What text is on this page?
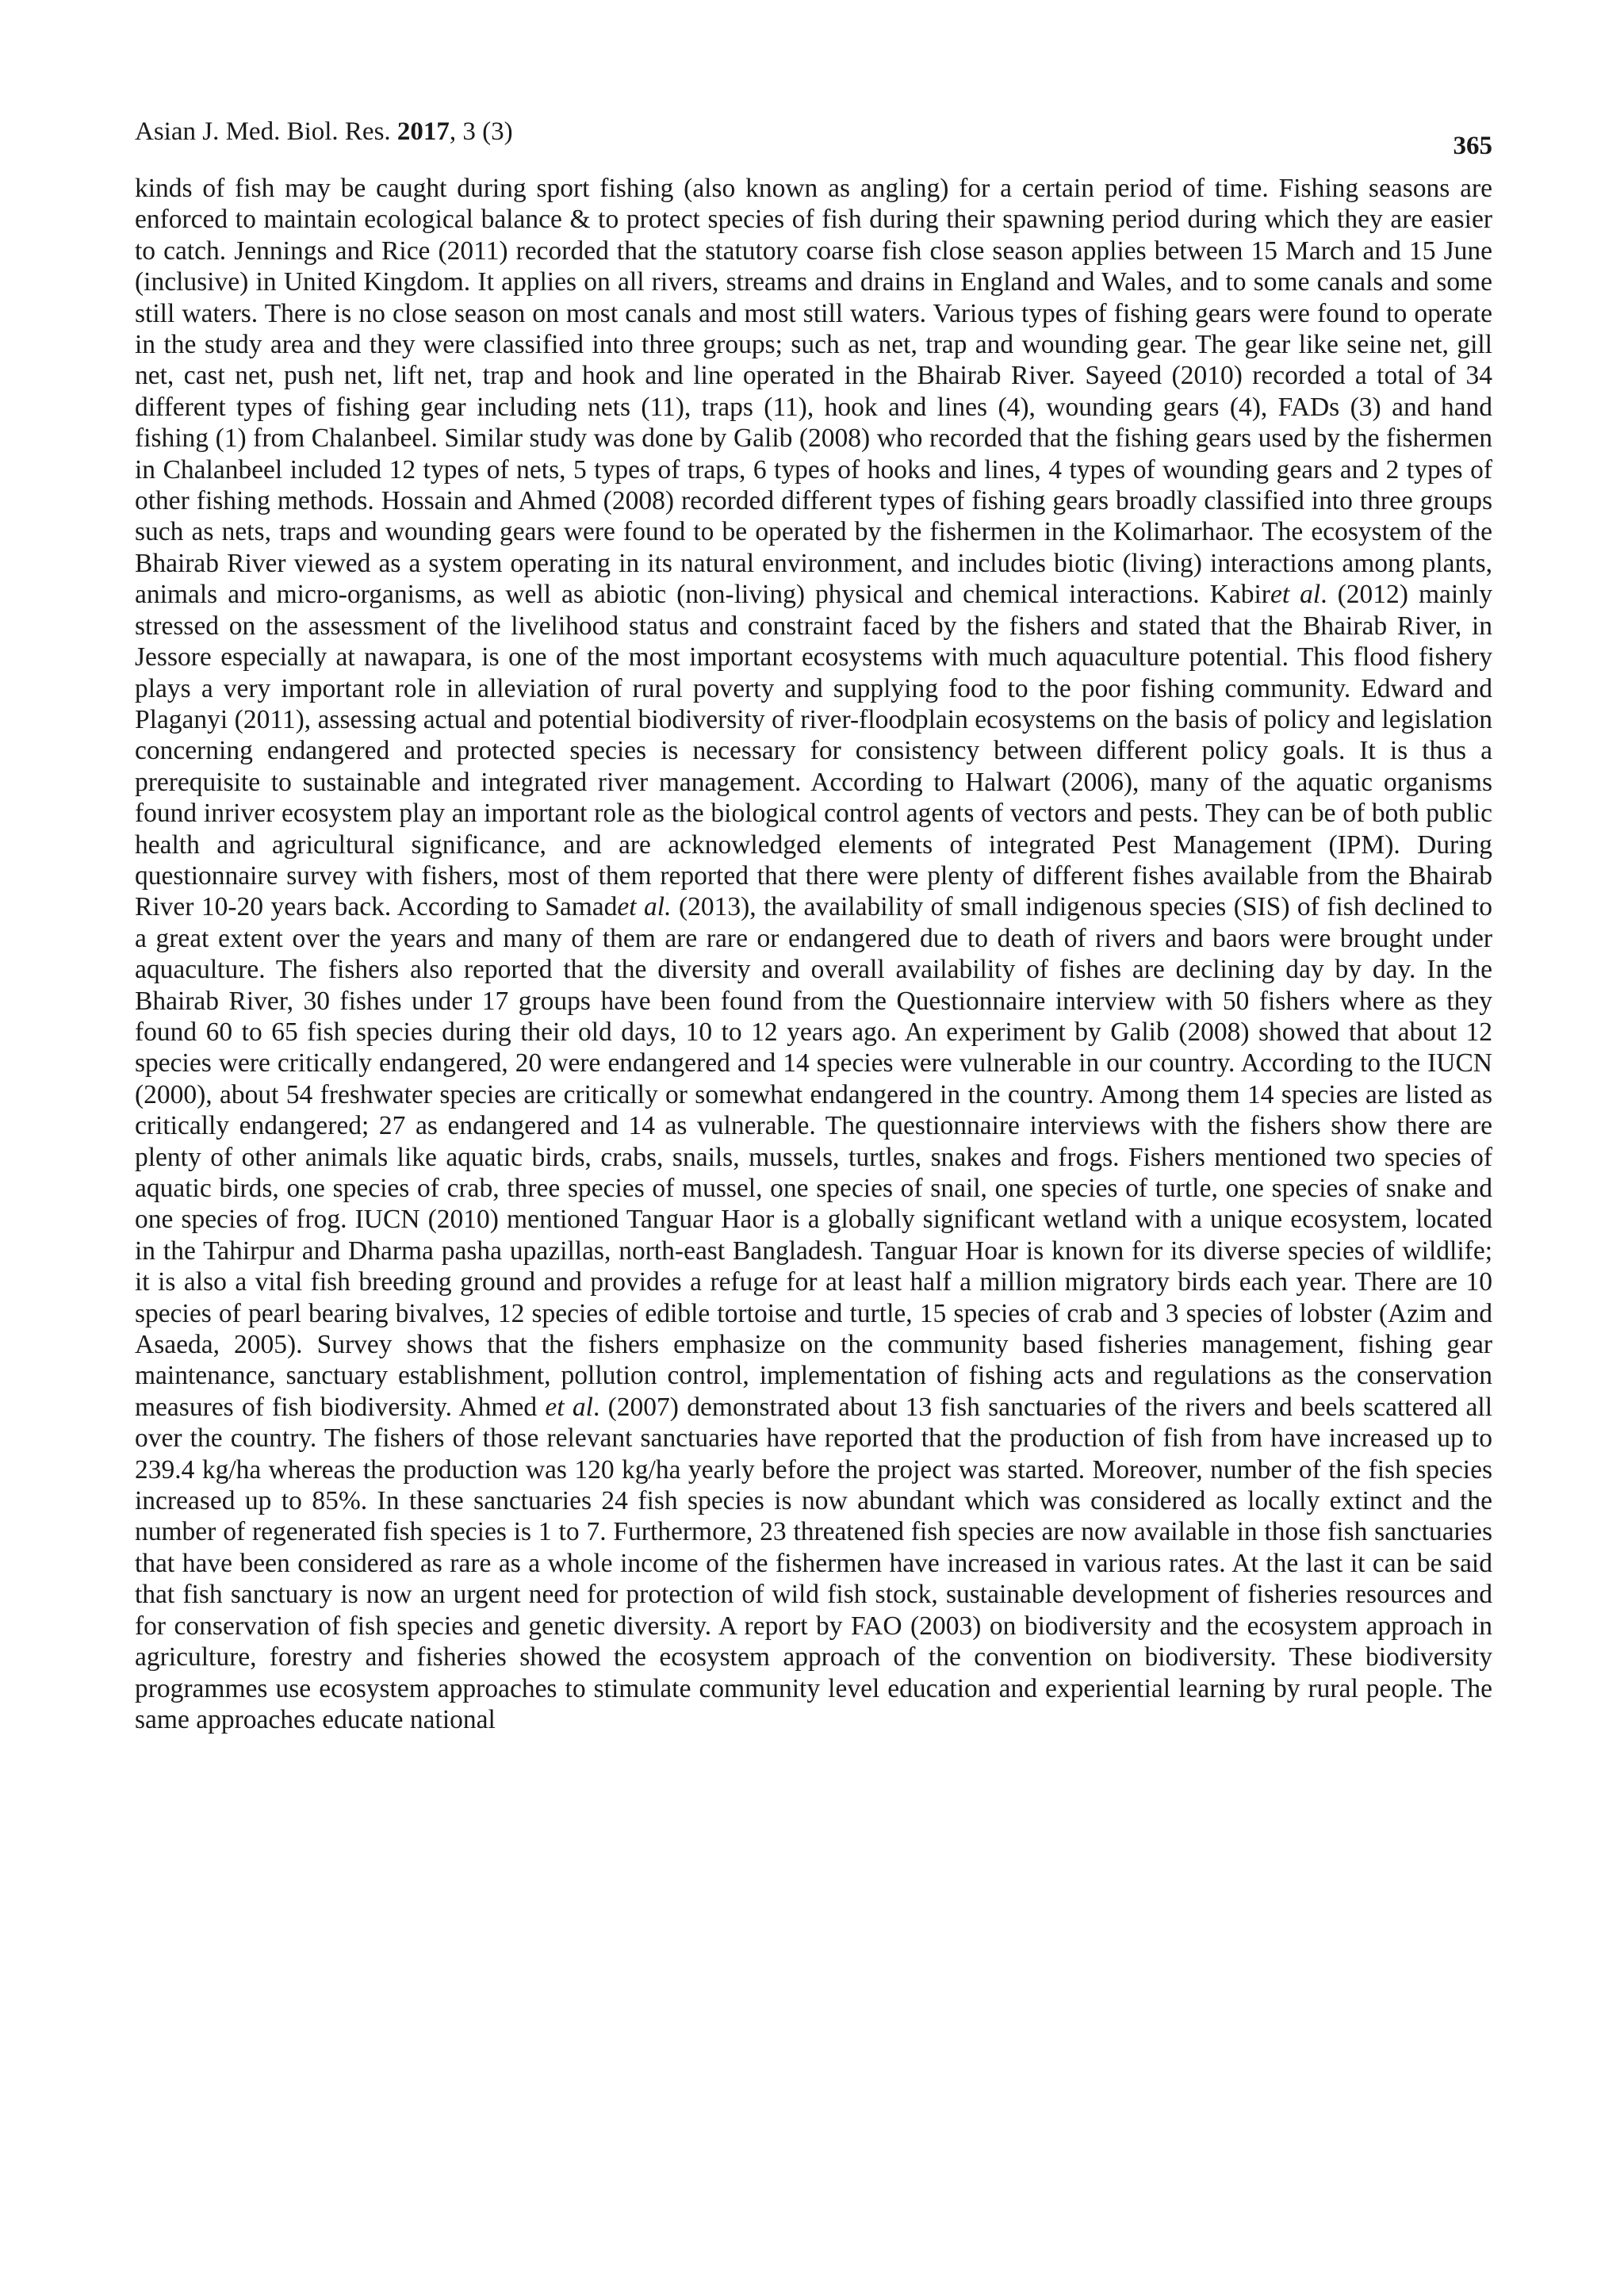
Asian J. Med. Biol. Res. 2017, 3 (3)	365

kinds of fish may be caught during sport fishing (also known as angling) for a certain period of time. Fishing seasons are enforced to maintain ecological balance & to protect species of fish during their spawning period during which they are easier to catch. Jennings and Rice (2011) recorded that the statutory coarse fish close season applies between 15 March and 15 June (inclusive) in United Kingdom. It applies on all rivers, streams and drains in England and Wales, and to some canals and some still waters. There is no close season on most canals and most still waters. Various types of fishing gears were found to operate in the study area and they were classified into three groups; such as net, trap and wounding gear. The gear like seine net, gill net, cast net, push net, lift net, trap and hook and line operated in the Bhairab River. Sayeed (2010) recorded a total of 34 different types of fishing gear including nets (11), traps (11), hook and lines (4), wounding gears (4), FADs (3) and hand fishing (1) from Chalanbeel. Similar study was done by Galib (2008) who recorded that the fishing gears used by the fishermen in Chalanbeel included 12 types of nets, 5 types of traps, 6 types of hooks and lines, 4 types of wounding gears and 2 types of other fishing methods. Hossain and Ahmed (2008) recorded different types of fishing gears broadly classified into three groups such as nets, traps and wounding gears were found to be operated by the fishermen in the Kolimarhaor. The ecosystem of the Bhairab River viewed as a system operating in its natural environment, and includes biotic (living) interactions among plants, animals and micro-organisms, as well as abiotic (non-living) physical and chemical interactions. Kabiret al. (2012) mainly stressed on the assessment of the livelihood status and constraint faced by the fishers and stated that the Bhairab River, in Jessore especially at nawapara, is one of the most important ecosystems with much aquaculture potential. This flood fishery plays a very important role in alleviation of rural poverty and supplying food to the poor fishing community. Edward and Plaganyi (2011), assessing actual and potential biodiversity of river-floodplain ecosystems on the basis of policy and legislation concerning endangered and protected species is necessary for consistency between different policy goals. It is thus a prerequisite to sustainable and integrated river management. According to Halwart (2006), many of the aquatic organisms found inriver ecosystem play an important role as the biological control agents of vectors and pests. They can be of both public health and agricultural significance, and are acknowledged elements of integrated Pest Management (IPM). During questionnaire survey with fishers, most of them reported that there were plenty of different fishes available from the Bhairab River 10-20 years back. According to Samadet al. (2013), the availability of small indigenous species (SIS) of fish declined to a great extent over the years and many of them are rare or endangered due to death of rivers and baors were brought under aquaculture. The fishers also reported that the diversity and overall availability of fishes are declining day by day. In the Bhairab River, 30 fishes under 17 groups have been found from the Questionnaire interview with 50 fishers where as they found 60 to 65 fish species during their old days, 10 to 12 years ago. An experiment by Galib (2008) showed that about 12 species were critically endangered, 20 were endangered and 14 species were vulnerable in our country. According to the IUCN (2000), about 54 freshwater species are critically or somewhat endangered in the country. Among them 14 species are listed as critically endangered; 27 as endangered and 14 as vulnerable. The questionnaire interviews with the fishers show there are plenty of other animals like aquatic birds, crabs, snails, mussels, turtles, snakes and frogs. Fishers mentioned two species of aquatic birds, one species of crab, three species of mussel, one species of snail, one species of turtle, one species of snake and one species of frog. IUCN (2010) mentioned Tanguar Haor is a globally significant wetland with a unique ecosystem, located in the Tahirpur and Dharma pasha upazillas, north-east Bangladesh. Tanguar Hoar is known for its diverse species of wildlife; it is also a vital fish breeding ground and provides a refuge for at least half a million migratory birds each year. There are 10 species of pearl bearing bivalves, 12 species of edible tortoise and turtle, 15 species of crab and 3 species of lobster (Azim and Asaeda, 2005). Survey shows that the fishers emphasize on the community based fisheries management, fishing gear maintenance, sanctuary establishment, pollution control, implementation of fishing acts and regulations as the conservation measures of fish biodiversity. Ahmed et al. (2007) demonstrated about 13 fish sanctuaries of the rivers and beels scattered all over the country. The fishers of those relevant sanctuaries have reported that the production of fish from have increased up to 239.4 kg/ha whereas the production was 120 kg/ha yearly before the project was started. Moreover, number of the fish species increased up to 85%. In these sanctuaries 24 fish species is now abundant which was considered as locally extinct and the number of regenerated fish species is 1 to 7. Furthermore, 23 threatened fish species are now available in those fish sanctuaries that have been considered as rare as a whole income of the fishermen have increased in various rates. At the last it can be said that fish sanctuary is now an urgent need for protection of wild fish stock, sustainable development of fisheries resources and for conservation of fish species and genetic diversity. A report by FAO (2003) on biodiversity and the ecosystem approach in agriculture, forestry and fisheries showed the ecosystem approach of the convention on biodiversity. These biodiversity programmes use ecosystem approaches to stimulate community level education and experiential learning by rural people. The same approaches educate national
